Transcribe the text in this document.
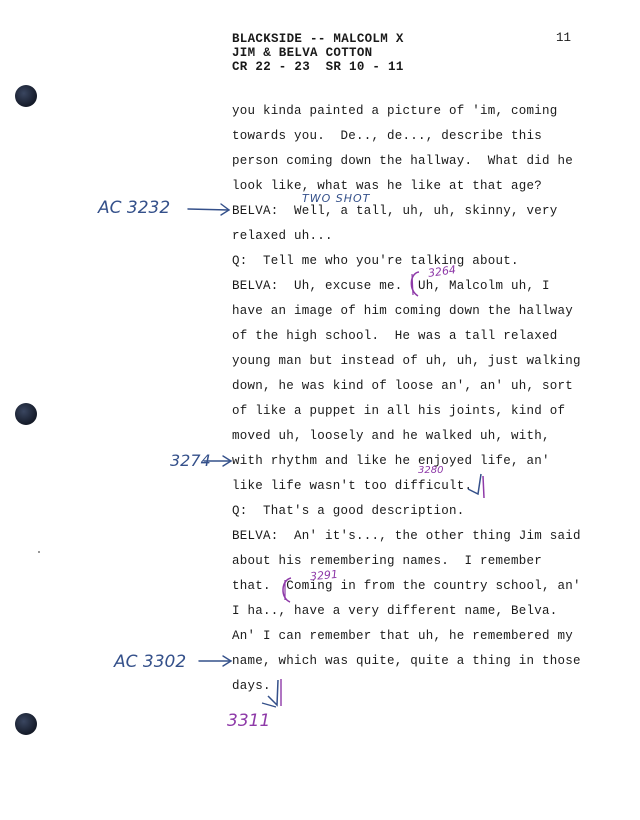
BLACKSIDE -- MALCOLM X
JIM & BELVA COTTON
CR 22 - 23  SR 10 - 11
11
you kinda painted a picture of 'im, coming
towards you.  De.., de..., describe this
person coming down the hallway.  What did he
look like, what was he like at that age?
BELVA:  Well, a tall, uh, uh, skinny, very
relaxed uh...
Q:  Tell me who you're talking about.
BELVA:  Uh, excuse me.  Uh, Malcolm uh, I
have an image of him coming down the hallway
of the high school.  He was a tall relaxed
young man but instead of uh, uh, just walking
down, he was kind of loose an', an' uh, sort
of like a puppet in all his joints, kind of
moved uh, loosely and he walked uh, with,
with rhythm and like he enjoyed life, an'
like life wasn't too difficult.
Q:  That's a good description.
BELVA:  An' it's..., the other thing Jim said
about his remembering names.  I remember
that.  Coming in from the country school, an'
I ha.., have a very different name, Belva.
An' I can remember that uh, he remembered my
name, which was quite, quite a thing in those
days.
AC 3232	TWO SHOT
3264
3274
3280
3291
AC 3302
3311
